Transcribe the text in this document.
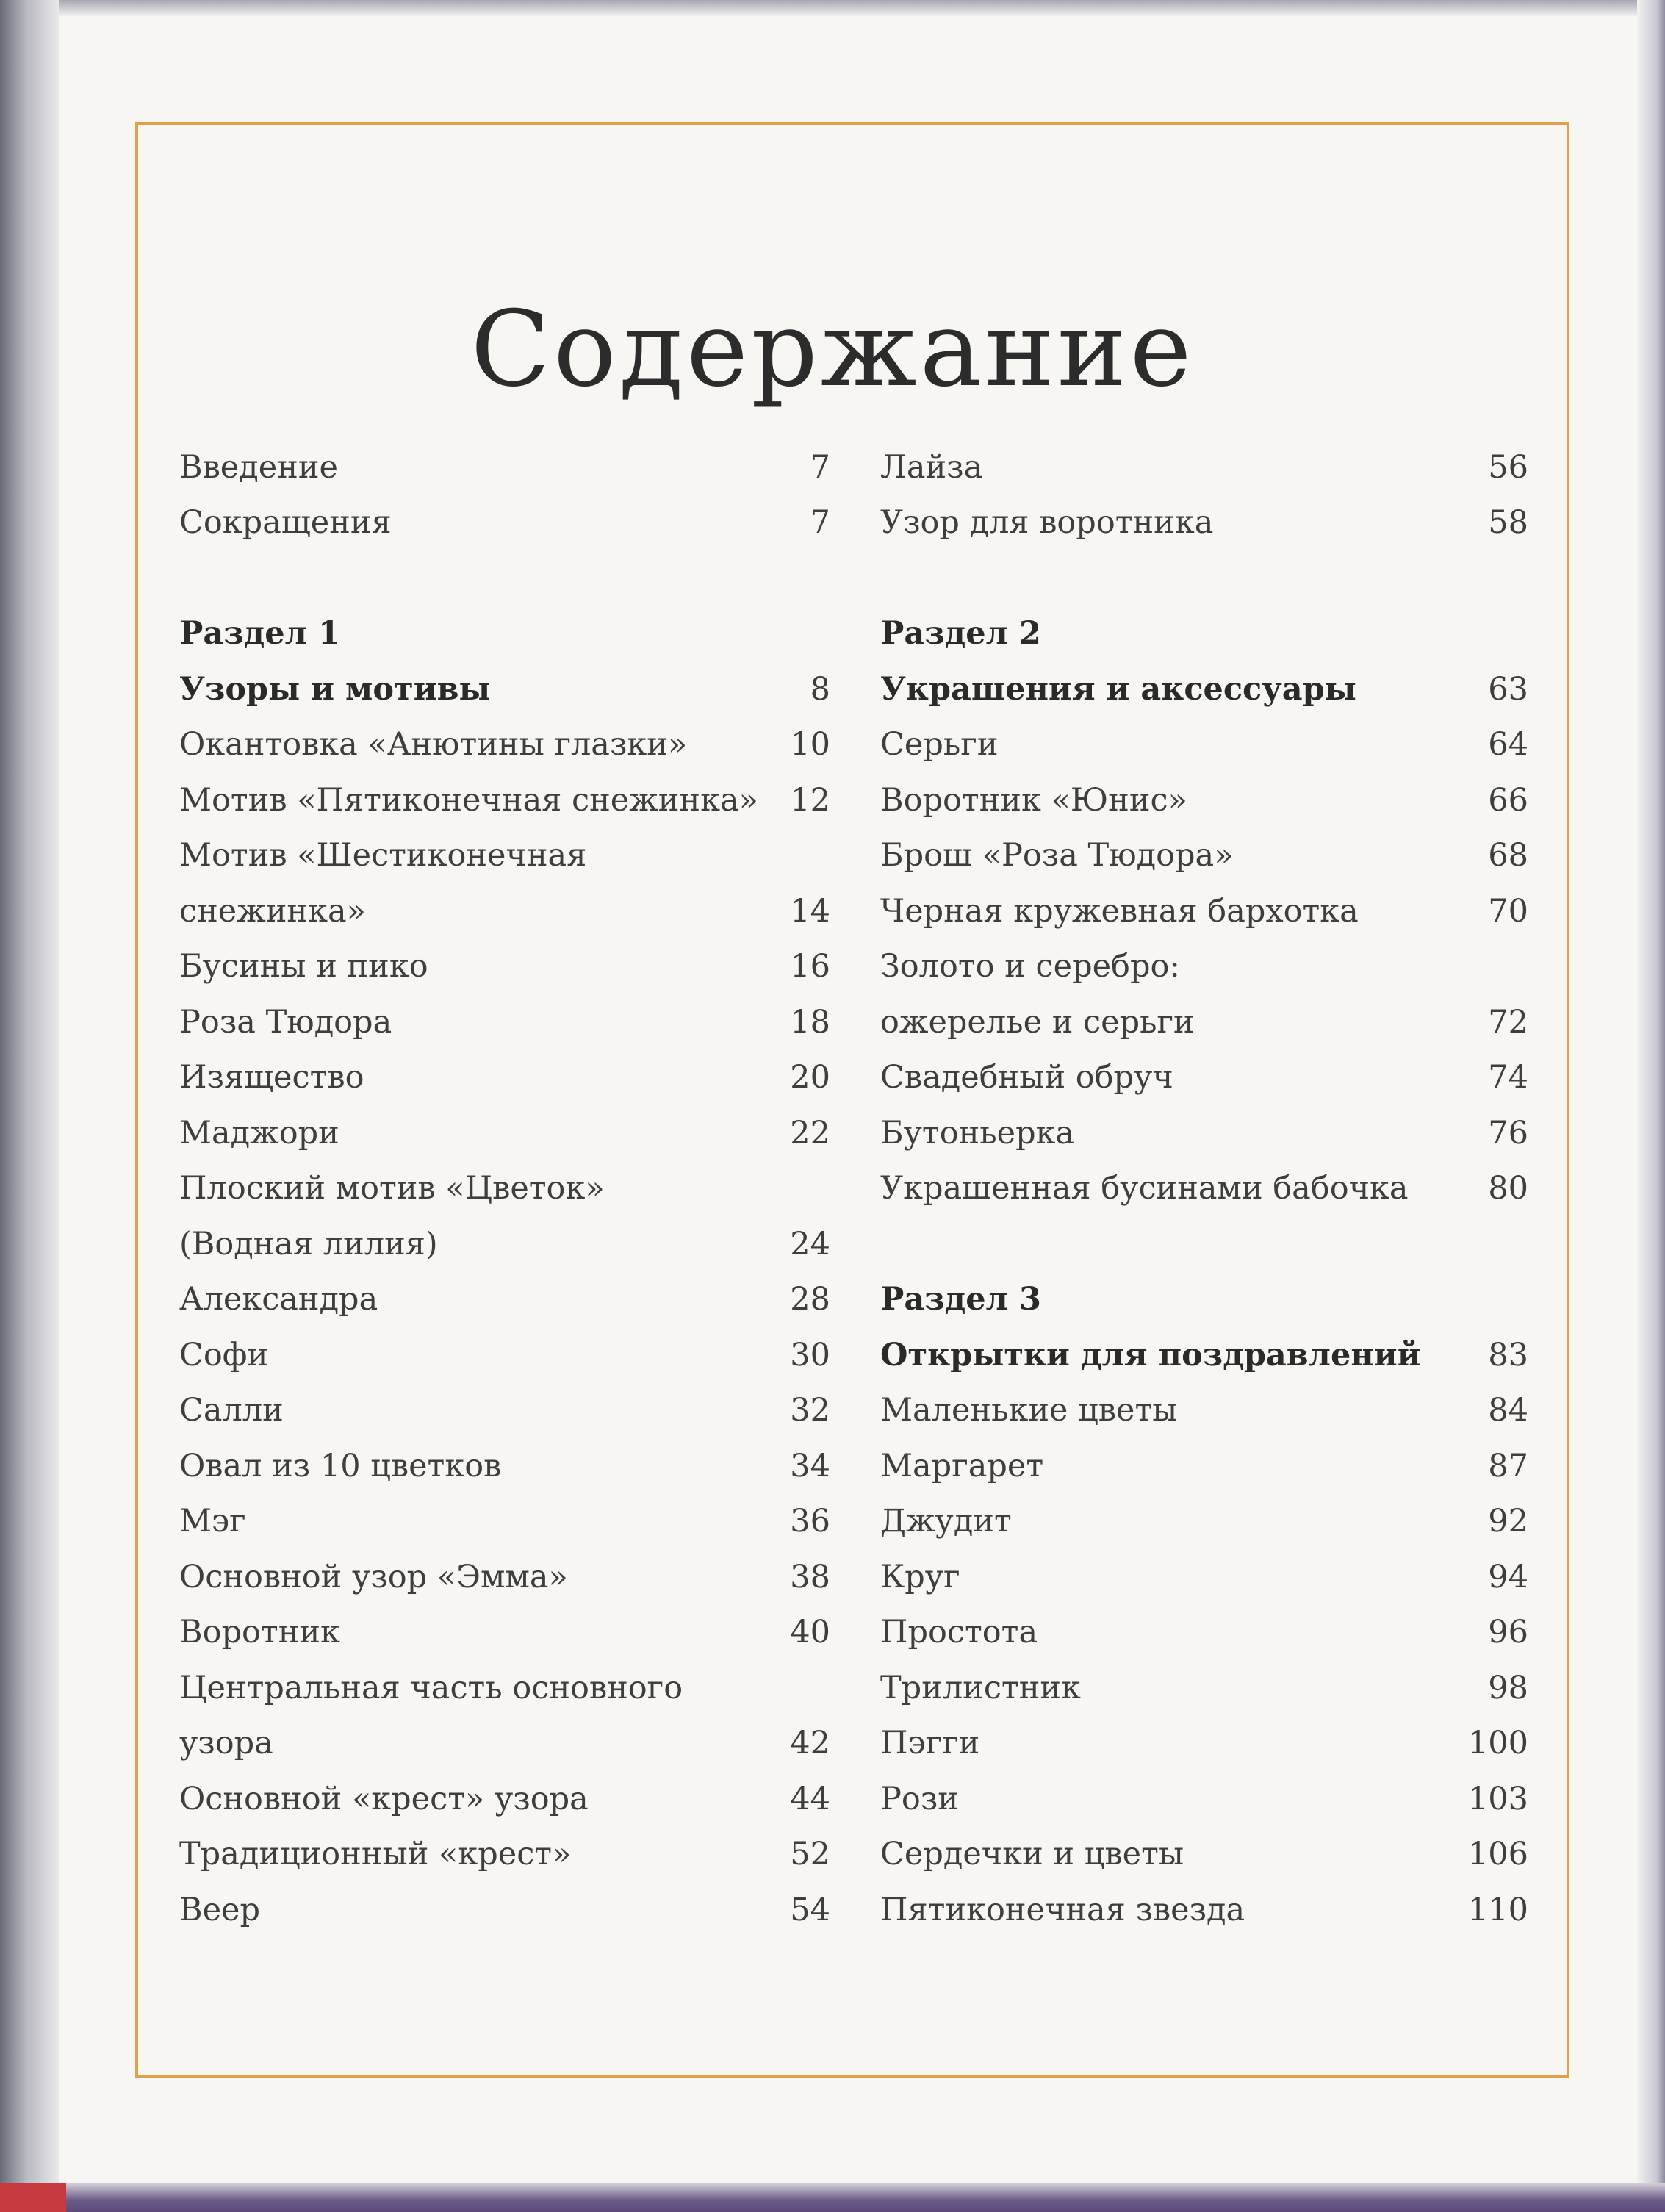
Содержание
Введение	7
Сокращения	7
Раздел 1
Узоры и мотивы	8
Окантовка «Анютины глазки»	10
Мотив «Пятиконечная снежинка»	12
Мотив «Шестиконечная
снежинка»	14
Бусины и пико	16
Роза Тюдора	18
Изящество	20
Маджори	22
Плоский мотив «Цветок»
(Водная лилия)	24
Александра	28
Софи	30
Салли	32
Овал из 10 цветков	34
Мэг	36
Основной узор «Эмма»	38
Воротник	40
Центральная часть основного
узора	42
Основной «крест» узора	44
Традиционный «крест»	52
Веер	54
Лайза	56
Узор для воротника	58
Раздел 2
Украшения и аксессуары	63
Серьги	64
Воротник «Юнис»	66
Брош «Роза Тюдора»	68
Черная кружевная бархотка	70
Золото и серебро:
ожерелье и серьги	72
Свадебный обруч	74
Бутоньерка	76
Украшенная бусинами бабочка	80
Раздел 3
Открытки для поздравлений	83
Маленькие цветы	84
Маргарет	87
Джудит	92
Круг	94
Простота	96
Трилистник	98
Пэгги	100
Рози	103
Сердечки и цветы	106
Пятиконечная звезда	110
